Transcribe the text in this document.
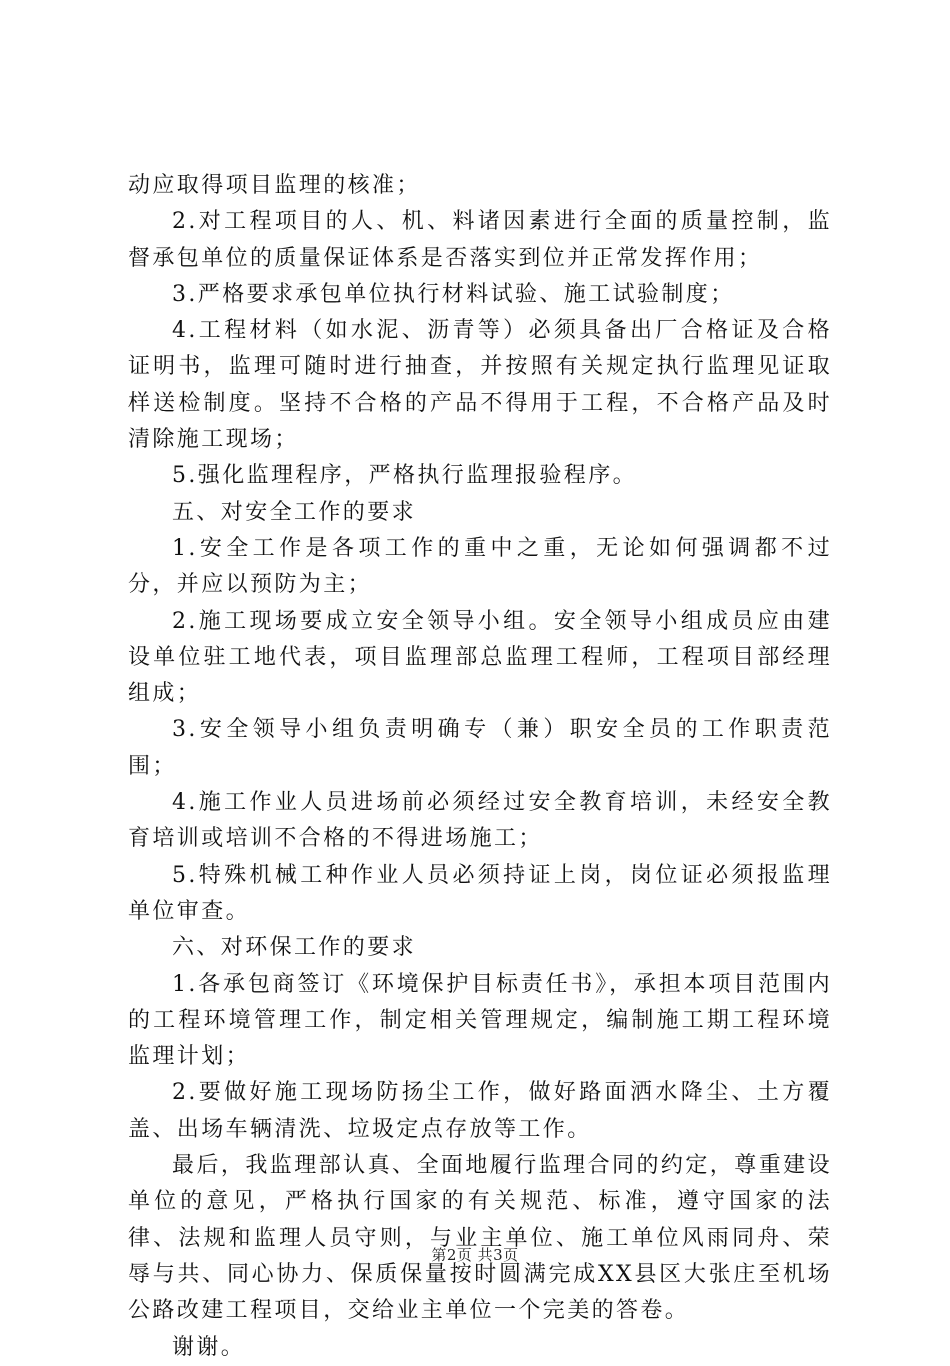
动应取得项目监理的核准；

2.对工程项目的人、机、料诸因素进行全面的质量控制，监督承包单位的质量保证体系是否落实到位并正常发挥作用；

3.严格要求承包单位执行材料试验、施工试验制度；

4.工程材料（如水泥、沥青等）必须具备出厂合格证及合格证明书，监理可随时进行抽查，并按照有关规定执行监理见证取样送检制度。坚持不合格的产品不得用于工程，不合格产品及时清除施工现场；

5.强化监理程序，严格执行监理报验程序。

五、对安全工作的要求

1.安全工作是各项工作的重中之重，无论如何强调都不过分，并应以预防为主；

2.施工现场要成立安全领导小组。安全领导小组成员应由建设单位驻工地代表，项目监理部总监理工程师，工程项目部经理组成；

3.安全领导小组负责明确专（兼）职安全员的工作职责范围；

4.施工作业人员进场前必须经过安全教育培训，未经安全教育培训或培训不合格的不得进场施工；

5.特殊机械工种作业人员必须持证上岗，岗位证必须报监理单位审查。

六、对环保工作的要求

1.各承包商签订《环境保护目标责任书》，承担本项目范围内的工程环境管理工作，制定相关管理规定，编制施工期工程环境监理计划；

2.要做好施工现场防扬尘工作，做好路面洒水降尘、土方覆盖、出场车辆清洗、垃圾定点存放等工作。

最后，我监理部认真、全面地履行监理合同的约定，尊重建设单位的意见，严格执行国家的有关规范、标准，遵守国家的法律、法规和监理人员守则，与业主单位、施工单位风雨同舟、荣辱与共、同心协力、保质保量按时圆满完成XX县区大张庄至机场公路改建工程项目，交给业主单位一个完美的答卷。

谢谢。

第2页 共3页
